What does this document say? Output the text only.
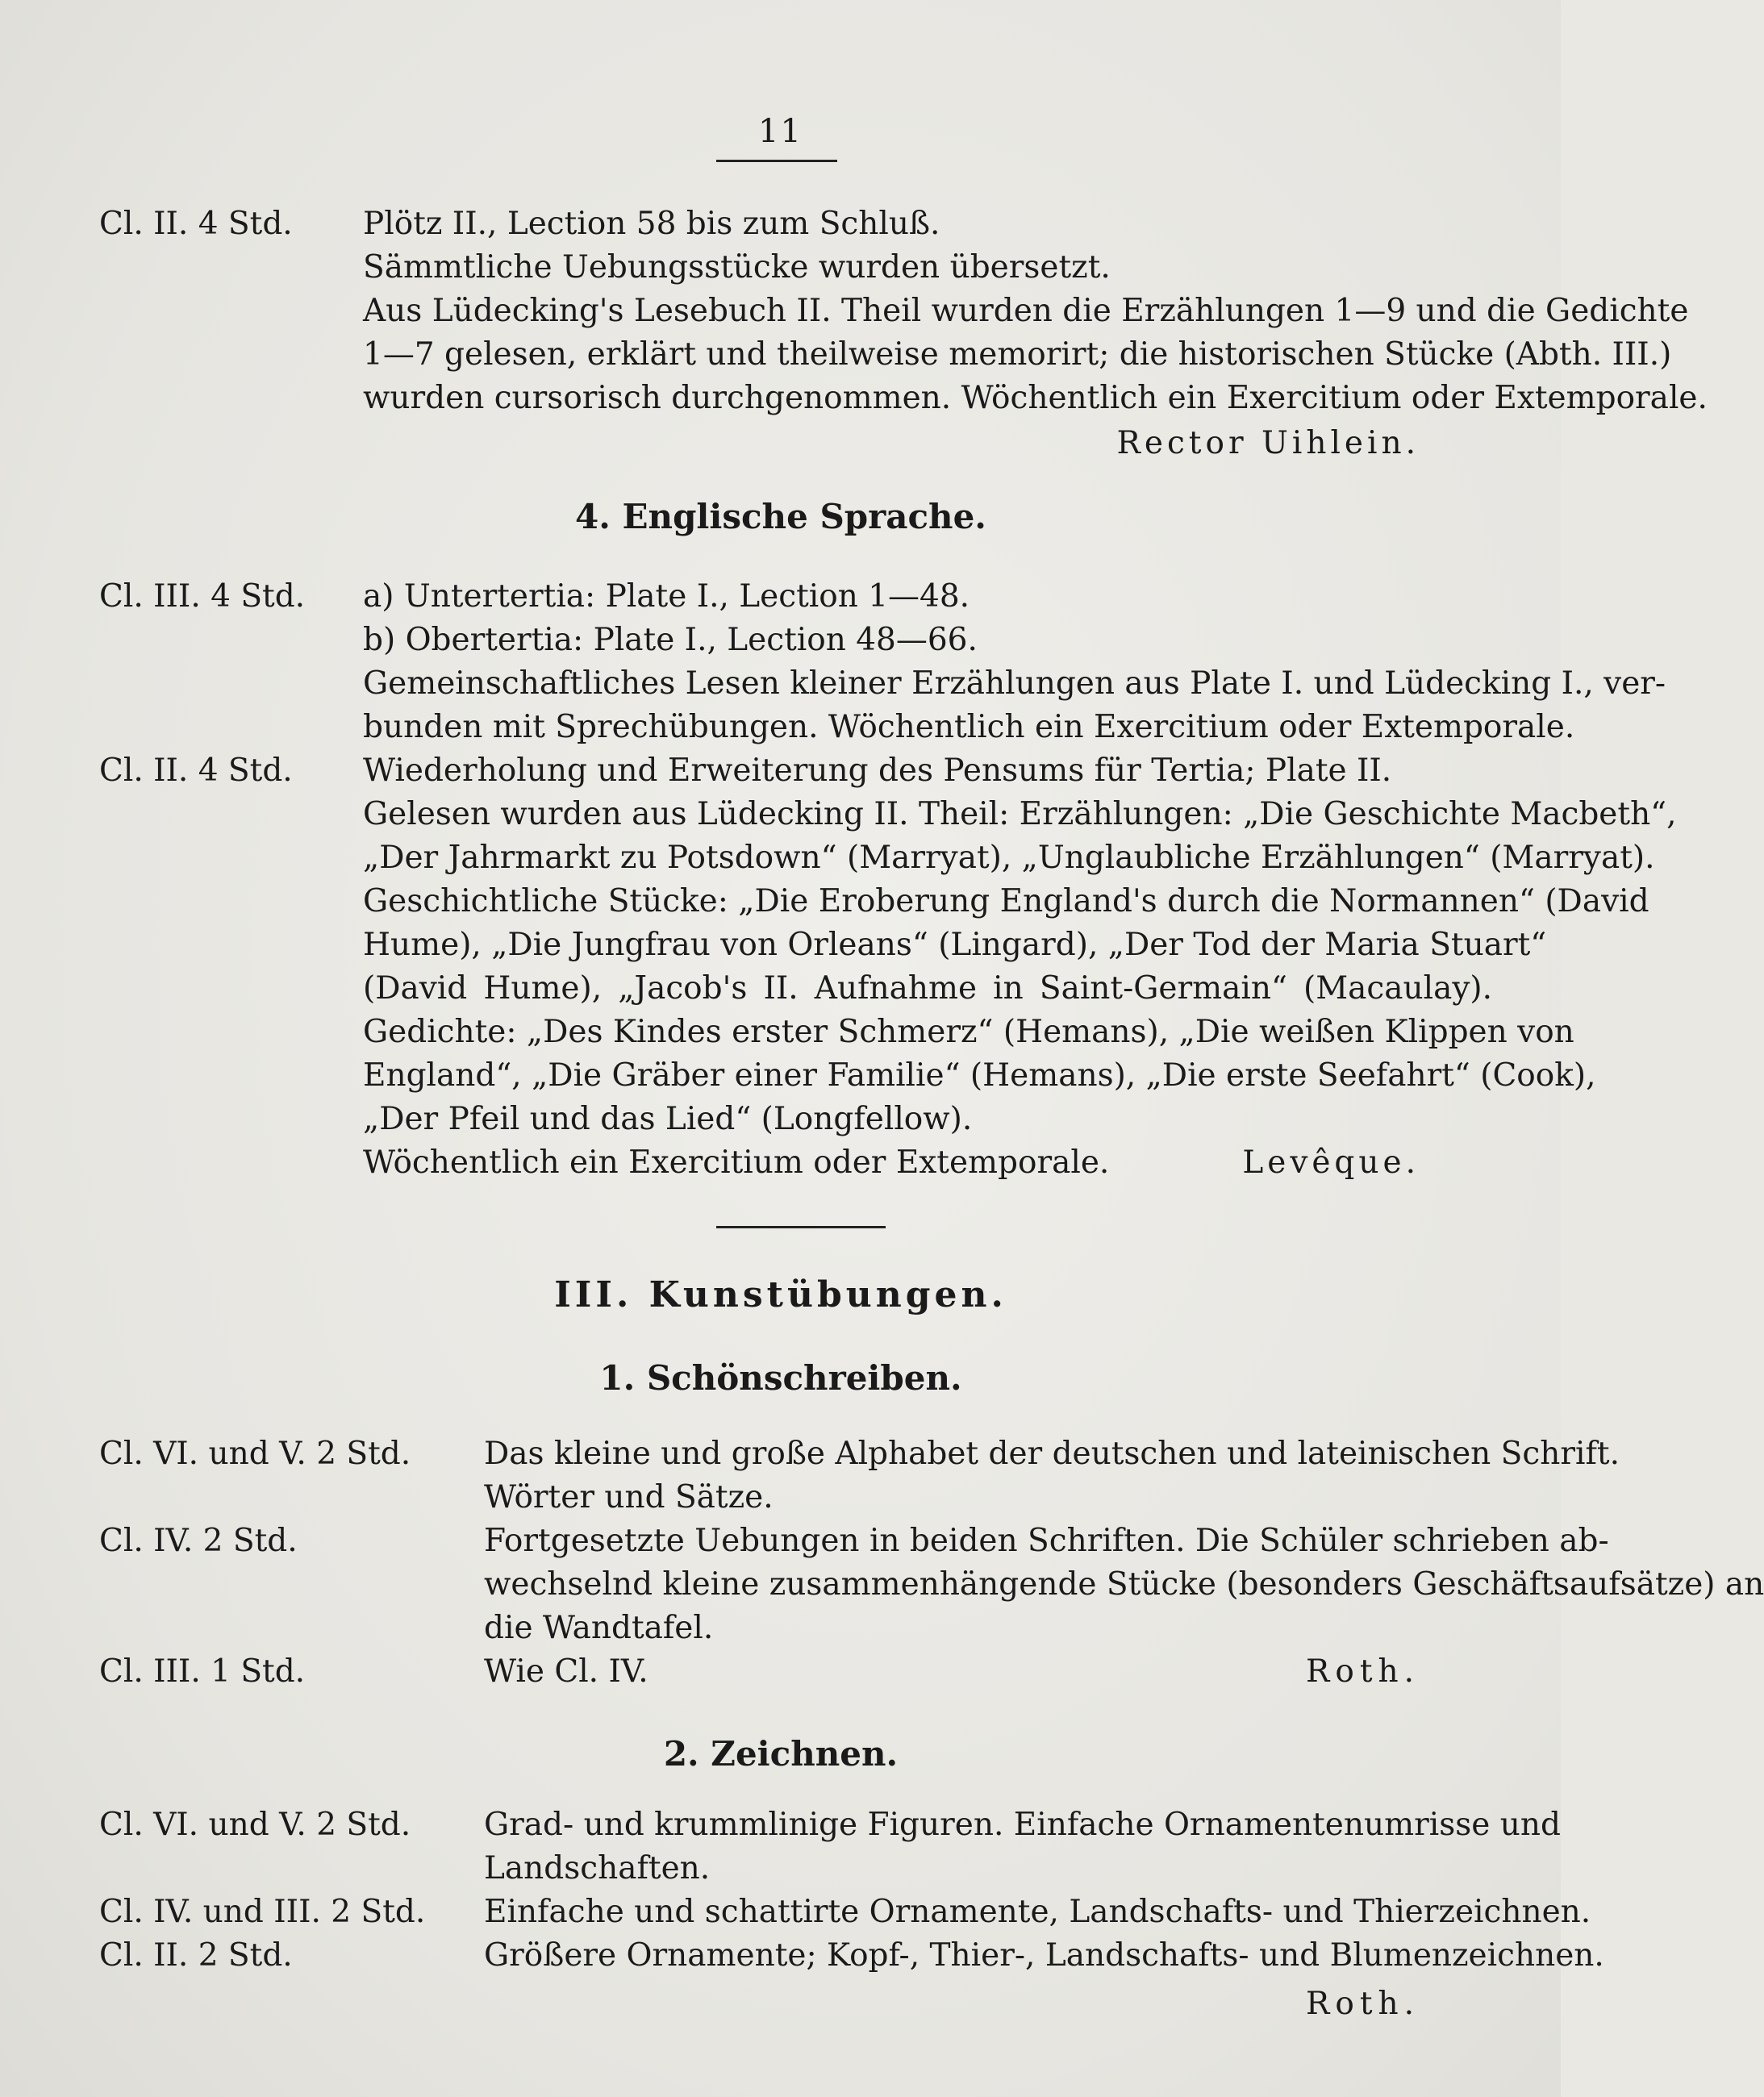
11
Cl. II. 4 Std. Plötz II., Lection 58 bis zum Schluß.
Sämmtliche Uebungsstücke wurden übersetzt.
Aus Lüdecking's Lesebuch II. Theil wurden die Erzählungen 1—9 und die Gedichte
1—7 gelesen, erklärt und theilweise memorirt; die historischen Stücke (Abth. III.)
wurden cursorisch durchgenommen. Wöchentlich ein Exercitium oder Extemporale.
Rector Uihlein.
4. Englische Sprache.
Cl. III. 4 Std. a) Untertertia: Plate I., Lection 1—48.
b) Obertertia: Plate I., Lection 48—66.
Gemeinschaftliches Lesen kleiner Erzählungen aus Plate I. und Lüdecking I., ver-
bunden mit Sprechübungen. Wöchentlich ein Exercitium oder Extemporale.
Cl. II. 4 Std. Wiederholung und Erweiterung des Pensums für Tertia; Plate II.
Gelesen wurden aus Lüdecking II. Theil: Erzählungen: „Die Geschichte Macbeth“,
„Der Jahrmarkt zu Potsdown“ (Marryat), „Unglaubliche Erzählungen“ (Marryat).
Geschichtliche Stücke: „Die Eroberung England's durch die Normannen“ (David
Hume), „Die Jungfrau von Orleans“ (Lingard), „Der Tod der Maria Stuart“
(David Hume), „Jacob's II. Aufnahme in Saint-Germain“ (Macaulay).
Gedichte: „Des Kindes erster Schmerz“ (Hemans), „Die weißen Klippen von
England“, „Die Gräber einer Familie“ (Hemans), „Die erste Seefahrt“ (Cook),
„Der Pfeil und das Lied“ (Longfellow).
Wöchentlich ein Exercitium oder Extemporale.	Levêque.
III. Kunstübungen.
1. Schönschreiben.
Cl. VI. und V. 2 Std. Das kleine und große Alphabet der deutschen und lateinischen Schrift.
Wörter und Sätze.
Cl. IV. 2 Std.	Fortgesetzte Uebungen in beiden Schriften. Die Schüler schrieben ab-
wechselnd kleine zusammenhängende Stücke (besonders Geschäftsaufsätze) an
die Wandtafel.
Cl. III. 1 Std.	Wie Cl. IV.	Roth.
2. Zeichnen.
Cl. VI. und V. 2 Std. Grad- und krummlinige Figuren. Einfache Ornamentenumrisse und
Landschaften.
Cl. IV. und III. 2 Std. Einfache und schattirte Ornamente, Landschafts- und Thierzeichnen.
Cl. II. 2 Std.	Größere Ornamente; Kopf-, Thier-, Landschafts- und Blumenzeichnen.
Roth.
